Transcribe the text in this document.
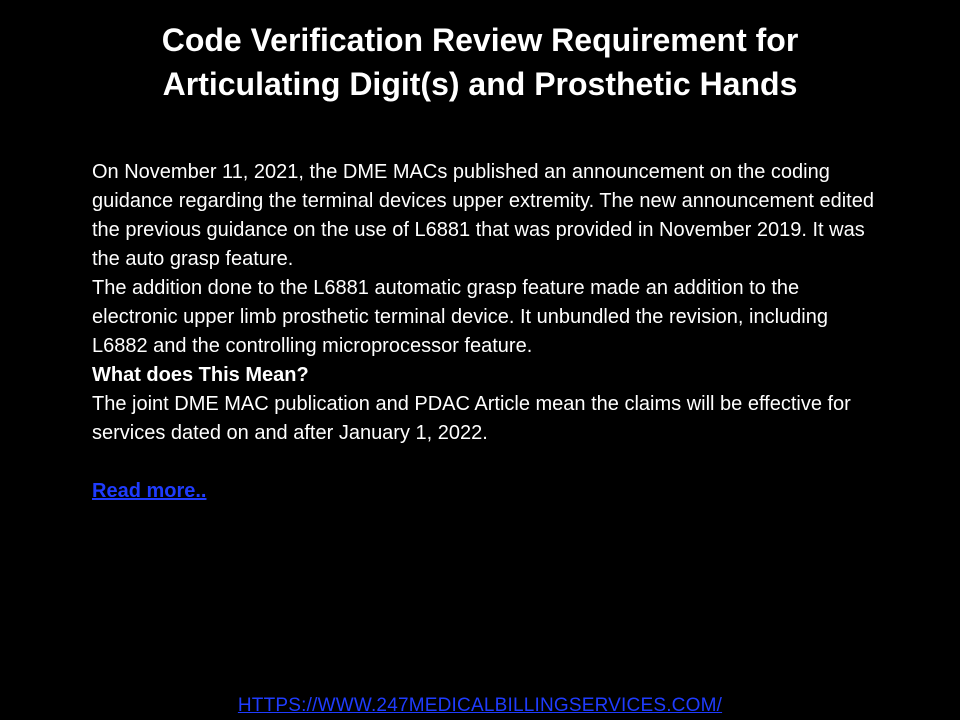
Code Verification Review Requirement for
Articulating Digit(s) and Prosthetic Hands

On November 11, 2021, the DME MACs published an announcement on the coding guidance regarding the terminal devices upper extremity. The new announcement edited the previous guidance on the use of L6881 that was provided in November 2019. It was the auto grasp feature.

The addition done to the L6881 automatic grasp feature made an addition to the electronic upper limb prosthetic terminal device. It unbundled the revision, including L6882 and the controlling microprocessor feature.

What does This Mean?

The joint DME MAC publication and PDAC Article mean the claims will be effective for services dated on and after January 1, 2022.

Read more..

HTTPS://WWW.247MEDICALBILLINGSERVICES.COM/
